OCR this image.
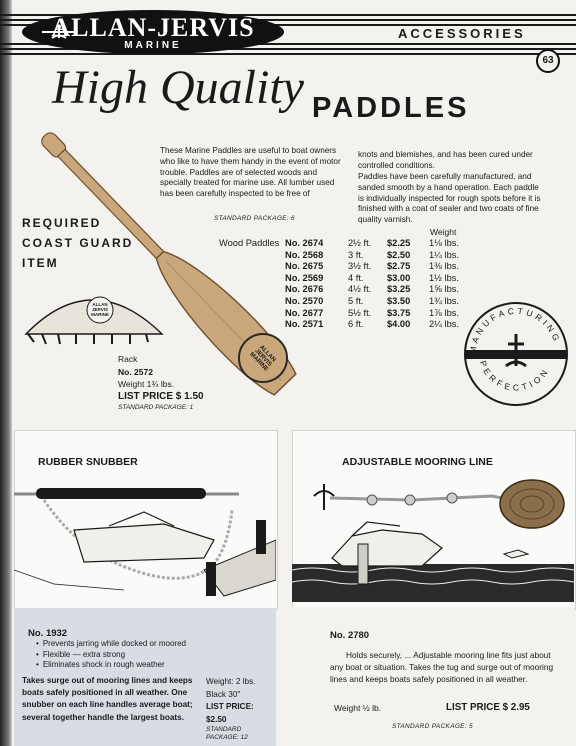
ALLAN-JERVIS
MARINE
ACCESSORIES
63
High Quality PADDLES
ALLAN JERVIS MARINE
These Marine Paddles are useful to boat owners who like to have them handy in the event of motor trouble. Paddles are of selected woods and specially treated for marine use. All lumber used has been carefully inspected to be free of
knots and blemishes, and has been cured under controlled conditions.
Paddles have been carefully manufactured, and sanded smooth by a hand operation. Each paddle is individually inspected for rough spots before it is finished with a coat of sealer and two coats of fine quality varnish.
STANDARD PACKAGE: 6
Weight
Wood Paddles No. 2674	2½ ft. $2.25 1⅛ lbs.
No. 2568	3 ft.	$2.50 1¼ lbs.
No. 2675	3½ ft. $2.75 1⅜ lbs.
No. 2569	4 ft.	$3.00 1½ lbs.
No. 2676	4½ ft. $3.25 1⅝ lbs.
No. 2570	5 ft.	$3.50 1¾ lbs.
No. 2677	5½ ft. $3.75 1⅞ lbs.
No. 2571	6 ft.	$4.00 2¼ lbs.
MANUFACTURING
PERFECTION
REQUIRED
COAST GUARD
ITEM
ALLAN JERVIS MARINE
Rack
No. 2572
Weight 1¾ lbs.
LIST PRICE $ 1.50
STANDARD PACKAGE: 1
RUBBER SNUBBER
No. 1932
• Prevents jarring while docked or moored
• Flexible — extra strong
• Eliminates shock in rough weather
Takes surge out of mooring lines and keeps boats safely positioned in all weather. One snubber on each line handles average boat; several together handle the largest boats.
Weight: 2 lbs.
Black 30"
LIST PRICE:
$2.50
STANDARD
PACKAGE: 12
ADJUSTABLE MOORING LINE
No. 2780
Holds securely, ... Adjustable mooring line fits just about any boat or situation. Takes the tug and surge out of mooring lines and keeps boats safely positioned in all weather.
Weight ½ lb.	LIST PRICE $ 2.95
STANDARD PACKAGE: 5
